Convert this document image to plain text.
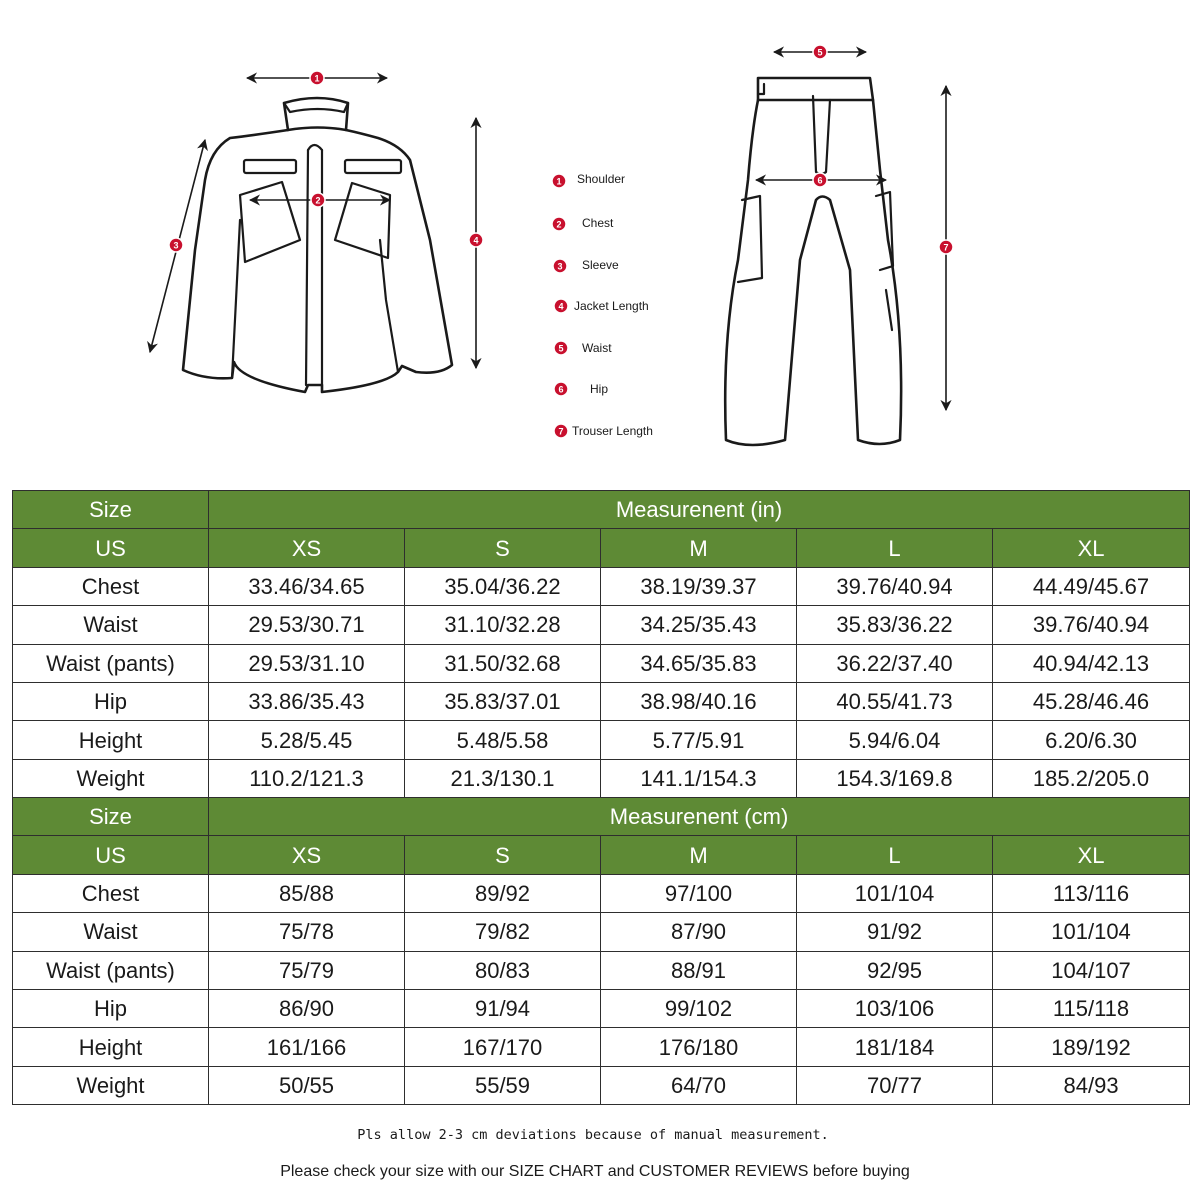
1
2
3	4
5
6
7
1 Shoulder
2 Chest
3 Sleeve
4 Jacket Length
5 Waist
6 Hip
7 Trouser Length
Size	Measurenent (in)				
US	XS	S	M	L	XL
Chest	33.46/34.65	35.04/36.22	38.19/39.37	39.76/40.94	44.49/45.67
Waist	29.53/30.71	31.10/32.28	34.25/35.43	35.83/36.22	39.76/40.94
Waist (pants)	29.53/31.10	31.50/32.68	34.65/35.83	36.22/37.40	40.94/42.13
Hip	33.86/35.43	35.83/37.01	38.98/40.16	40.55/41.73	45.28/46.46
Height	5.28/5.45	5.48/5.58	5.77/5.91	5.94/6.04	6.20/6.30
Weight	110.2/121.3	21.3/130.1	141.1/154.3	154.3/169.8	185.2/205.0
Size	Measurenent (cm)				
US	XS	S	M	L	XL
Chest	85/88	89/92	97/100	101/104	113/116
Waist	75/78	79/82	87/90	91/92	101/104
Waist (pants)	75/79	80/83	88/91	92/95	104/107
Hip	86/90	91/94	99/102	103/106	115/118
Height	161/166	167/170	176/180	181/184	189/192
Weight	50/55	55/59	64/70	70/77	84/93
Pls allow 2-3 cm deviations because of manual measurement.
Please check your size with our SIZE CHART and CUSTOMER REVIEWS before buying
